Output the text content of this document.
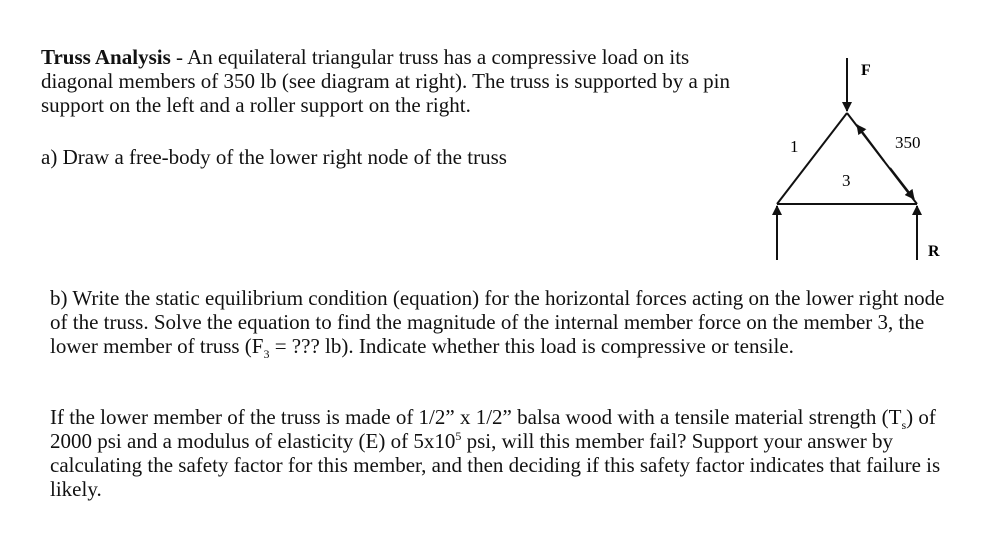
Truss Analysis - An equilateral triangular truss has a compressive load on its diagonal members of 350 lb (see diagram at right). The truss is supported by a pin support on the left and a roller support on the right.

a) Draw a free-body of the lower right node of the truss

b) Write the static equilibrium condition (equation) for the horizontal forces acting on the lower right node of the truss. Solve the equation to find the magnitude of the internal member force on the member 3, the lower member of truss ($F_3$ = ??? lb). Indicate whether this load is compressive or tensile.

If the lower member of the truss is made of 1/2” x 1/2” balsa wood with a tensile material strength $(T_s)$ of 2000 psi and a modulus of elasticity (E) of $5x10^5$ psi, will this member fail? Support your answer by calculating the safety factor for this member, and then deciding if this safety factor indicates that failure is likely.

F
1
3
350
R
